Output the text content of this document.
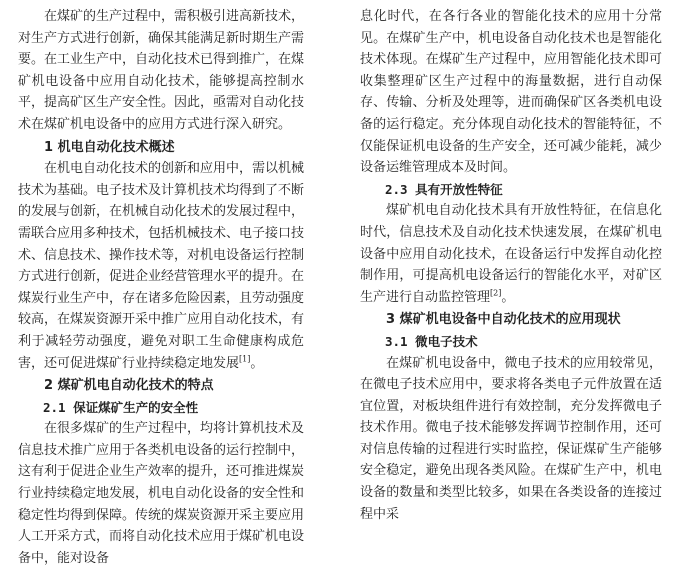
在煤矿的生产过程中，需积极引进高新技术，对生产方式进行创新，确保其能满足新时期生产需要。在工业生产中，自动化技术已得到推广，在煤矿机电设备中应用自动化技术，能够提高控制水平，提高矿区生产安全性。因此，亟需对自动化技术在煤矿机电设备中的应用方式进行深入研究。

1 机电自动化技术概述

在机电自动化技术的创新和应用中，需以机械技术为基础。电子技术及计算机技术均得到了不断的发展与创新，在机械自动化技术的发展过程中，需联合应用多种技术，包括机械技术、电子接口技术、信息技术、操作技术等，对机电设备运行控制方式进行创新，促进企业经营管理水平的提升。在煤炭行业生产中，存在诸多危险因素，且劳动强度较高，在煤炭资源开采中推广应用自动化技术，有利于减轻劳动强度，避免对职工生命健康构成危害，还可促进煤矿行业持续稳定地发展[1]。

2 煤矿机电自动化技术的特点
2.1 保证煤矿生产的安全性

在很多煤矿的生产过程中，均将计算机技术及信息技术推广应用于各类机电设备的运行控制中，这有利于促进企业生产效率的提升，还可推进煤炭行业持续稳定地发展，机电自动化设备的安全性和稳定性均得到保障。传统的煤炭资源开采主要应用人工开采方式，而将自动化技术应用于煤矿机电设备中，能对设备

息化时代，在各行各业的智能化技术的应用十分常见。在煤矿生产中，机电设备自动化技术也是智能化技术体现。在煤矿生产过程中，应用智能化技术即可收集整理矿区生产过程中的海量数据，进行自动保存、传输、分析及处理等，进而确保矿区各类机电设备的运行稳定。充分体现自动化技术的智能特征，不仅能保证机电设备的生产安全，还可减少能耗，减少设备运维管理成本及时间。

2.3 具有开放性特征

煤矿机电自动化技术具有开放性特征，在信息化时代，信息技术及自动化技术快速发展，在煤矿机电设备中应用自动化技术，在设备运行中发挥自动化控制作用，可提高机电设备运行的智能化水平，对矿区生产进行自动监控管理[2]。

3 煤矿机电设备中自动化技术的应用现状
3.1 微电子技术

在煤矿机电设备中，微电子技术的应用较常见，在微电子技术应用中，要求将各类电子元件放置在适宜位置，对板块组件进行有效控制，充分发挥微电子技术作用。微电子技术能够发挥调节控制作用，还可对信息传输的过程进行实时监控，保证煤矿生产能够安全稳定，避免出现各类风险。在煤矿生产中，机电设备的数量和类型比较多，如果在各类设备的连接过程中采
